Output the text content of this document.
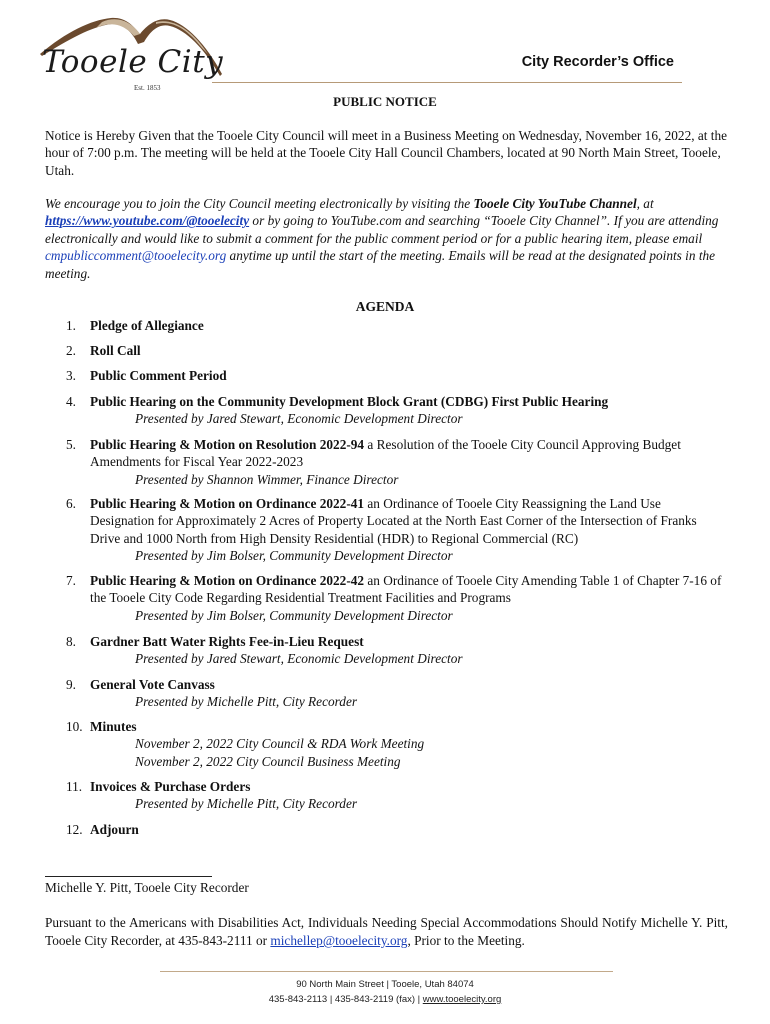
Tooele City
Est. 1853
City Recorder’s Office
PUBLIC NOTICE
Notice is Hereby Given that the Tooele City Council will meet in a Business Meeting on Wednesday, November 16, 2022, at the hour of 7:00 p.m. The meeting will be held at the Tooele City Hall Council Chambers, located at 90 North Main Street, Tooele, Utah.
We encourage you to join the City Council meeting electronically by visiting the Tooele City YouTube Channel, at https://www.youtube.com/@tooelecity or by going to YouTube.com and searching “Tooele City Channel”. If you are attending electronically and would like to submit a comment for the public comment period or for a public hearing item, please email cmpubliccomment@tooelecity.org anytime up until the start of the meeting. Emails will be read at the designated points in the meeting.
AGENDA
1.	Pledge of Allegiance
2.	Roll Call
3.	Public Comment Period
4.	Public Hearing on the Community Development Block Grant (CDBG) First Public Hearing
Presented by Jared Stewart, Economic Development Director
5.	Public Hearing & Motion on Resolution 2022-94 a Resolution of the Tooele City Council Approving Budget Amendments for Fiscal Year 2022-2023
Presented by Shannon Wimmer, Finance Director
6.	Public Hearing & Motion on Ordinance 2022-41 an Ordinance of Tooele City Reassigning the Land Use Designation for Approximately 2 Acres of Property Located at the North East Corner of the Intersection of Franks Drive and 1000 North from High Density Residential (HDR) to Regional Commercial (RC)
Presented by Jim Bolser, Community Development Director
7.	Public Hearing & Motion on Ordinance 2022-42 an Ordinance of Tooele City Amending Table 1 of Chapter 7-16 of the Tooele City Code Regarding Residential Treatment Facilities and Programs
Presented by Jim Bolser, Community Development Director
8.	Gardner Batt Water Rights Fee-in-Lieu Request
Presented by Jared Stewart, Economic Development Director
9.	General Vote Canvass
Presented by Michelle Pitt, City Recorder
10. Minutes
November 2, 2022 City Council & RDA Work Meeting
November 2, 2022 City Council Business Meeting
11. Invoices & Purchase Orders
Presented by Michelle Pitt, City Recorder
12. Adjourn
Michelle Y. Pitt, Tooele City Recorder
Pursuant to the Americans with Disabilities Act, Individuals Needing Special Accommodations Should Notify Michelle Y. Pitt, Tooele City Recorder, at 435-843-2111 or michellep@tooelecity.org, Prior to the Meeting.
90 North Main Street | Tooele, Utah 84074
435-843-2113 | 435-843-2119 (fax) | www.tooelecity.org
